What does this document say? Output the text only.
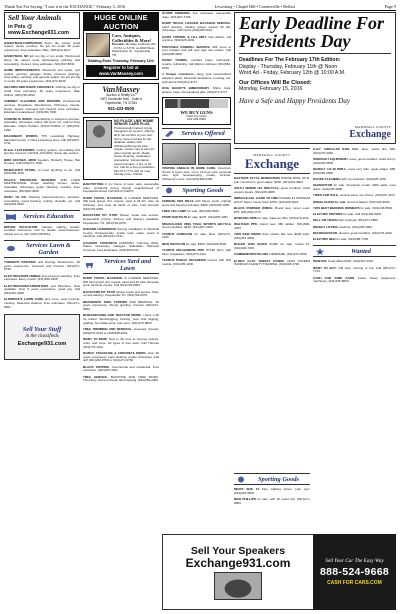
Thank You For Saying, "I saw it in the EXCHANGE," February 5, 2016	Lewisburg • Chapel Hill • Cornersville • Belfast	Page 9
Sell Your Animals
in Pets @ www.Exchange931.com
HANDYMAN-CARPENTER, floors, tile, carpet, small repairs, decks, porches. No job too small. 35 years experience. Free estimates. Mike, (931)212-9217.
HANDYMAN, NO job too big or too small. Hard-wood floors, tile, carpet, roofs, landscaping, painting, and remodeling. Insured. Free estimates. (931)637-8834.
HOME IMPROVEMENTS. Sheetrock and repair, roof repairs, porches, garages, decks, pressure washing, vinyl siding, painting, and general repairs. No job too big or small. 30 years experience. (931)273-6049.
GIFFORD BROTHERS CONCRETE. Nothing too big or small. Free estimates. 40 years experience. Dale Gifford, (931)766-0993.
CHIMNEY CLEANING AND REPAIRS. Professional services. Fireplaces, Woodstoves, Chimneys, Inserts. Gutter repairs. Licensed and Insured. Free estimates. Education Guaranteed. (931)260-7600.
CONCRETE WORK: Specializing in stamped concrete, sidewalks, driveways, patios, flat work, etc. Call for Free Estimate. Ralph Pelham (931)273-0840 or (931)703-1940.
MACHINERY WORKS. 575 Lewisburg Highway, Marshall County. 1 miles Lewisburg area. Call (931)207-2711.
M and J EXTERIORS, roofing, gutters, remodeling and fencing. Insured. Call 931-273-0000. Same day service.
BIRD HOUSES, BIRD Feeders, Butterfly House, Bat Houses. Call (931)271-7002.
MCMAHAN'S STORE, of most anything to do. Call (931)359-3726.
OGLE'S PRESSURE WASHING AND LAWN MAINTENANCE. Power washing homes, decks, sidewalks, driveways, gutter cleaning, mowing. Free estimates. (931)625-4540.
WANT TO DO. Painting (interior/exterior), windows, remodeling, wood framing, roofing, drywalls, etc. Call (931)629-6644.
Services Education
DRIVER EDUCATION. Classes starting weekly. Certified instructors. Call for details. www.champion-driving.com or call, (931)738-6514.
Services Lawn & Garden
TURNER'S PAINTING and flooring. References. 20 years experience. Licensed and Insured. (931)271-8730.
ELECTRICIAN/PLUMBER and pressure washing. Free estimates. Every month. (931)359-1985.
ELECTRICIANS/CARPENTERS and Plumbers. Now available. Over 5 years experience, great pay. Call (931)361-3000.
ELDRIDGE'S LAWN CARE and more. Leaf removal, mowing. Seasonal cleanup. Free estimates. (931)271-9601.
Sell Your Stuff
in the classifieds
Exchange931.com
HUGE ONLINE AUCTION
Cars, Antiques, Collectibles & More!
Preview: Monday, February 8th - 3 P.M. to 5 P.M. at 1600 West Washington St., Fayetteville, TN
Bidding Ends Thursday, February 11th
Register to bid at www.VanMassey.com
VanMassey
Auction & Realty Co.
1507 Huntsville Hwy - Suite A
Fayetteville, TN 37334
931-433-0500
NO PLACE LIKE HOME SENIOR CARE PLUS.
Professionally trained, loving caregivers for seniors, offering all in the comfort of your own home. Care provided for the disabled, elderly with Alzheimer/Dementia care, respite, cancer care & care for other special needs. Meals, house cleaning, medication preparation, transportation, meal reminders. 4 hrs. to 24 hrs. Call for a free consultation, 931-271-7774. Ask for Lisa, friendly price. Christa
BABYSITTING in my home, in town, safe, reasonable rates, wonderful loving friends neighborhood of Fayetteville Road. Call 931-270-9870.
DUMP TRUCK, BACKHOE & LOADER SERVICES. Will haul gravel, dirt, topsoil, sand & fill dirt. Also do driveway, and work all kinds of jobs. Call Kenneth (931)703-0063.
BACKYARD PIT STOP. Mower repair and service. Reasonable pricing. Pick-up and delivery available. Fayetteville, TN. (931)703-0076.
DURAND HARDWOOD flooring installation in Marshall County. Professionals, quality tools, water, sewer & electrical. Call (931)437-2131.
GALBERT CONCRETE COMPANY. Concrete Work, Patios, Driveways, Garages, Sidewalks, Stamped Concrete. Free Estimates. (931)300-0117.
Services Yard and Lawn
DUMP TRUCK, BACKHOE & LOADER SERVICES. Will haul gravel, dirt, topsoil, sand and fill. Also driveway work. All kinds of jobs. Call (931)703-0063.
BACKYARD PIT STOP. Mower repair and service. Pick-up and delivery. Fayetteville TN. (931)703-0076.
BRANDON'S TREE TOPPING AND REMOVAL. 30 years experience. Stump grinding. Insured. (931)271-5000.
BUSHHOGGING AND TRACTOR WORK. I have a 60 hp tractor. Bushhogging, fencing, post hole digging, grading, box blade work, and more. (931)273-8800.
TREE TRIMMING AND REMOVAL. Licensed, insured. (931)273-5210 or (256)398-9262.
WANT TO MOW. Now is the time to remove stumps, roots, and more. All types of tree work. Call Thomas (931)773-1212.
DOZER, TRACKHOE & CONCRETE WORK. Over 30 years experience. Land clearing, ponds, driveways. Call Jeff (931)232-8760 or (931)271-9760.
BLACK TOPPING. Commercial and residential. Free estimates. (931)205-4101.
TREE SERVICE. BACKHOE AND YARD WORK. Trimming, stump removal, land clearing. (931)359-2000.
STUMP GRINDING, free estimates, reasonable rates. (931)207-2766.
DUMP TRUCK, LOADER, BACKHOE SERVICE. Land clearing, hauling gravel, topsoil, fill dirt, driveways. Call Curtis (931)205-6212.
GOOD TOPSOIL & FILL DIRT. Can deliver, call anytime. (931)625-1834.
PORTABLE SAWMILL SERVICE. Will come to your location and mill your logs into lumber. Call (931)638-9600.
PIANO TUNING, certified piano technician, repairs, refinishing. Call Warren Johnson (931)684-8150.
4 Unique customers, bring your personalized adoption plans. Financial assistance, housing, etc. Call Jenna (931)212-9717.
DOG DADDY'S EMBROIDERY. Shirts, hats, jackets, bags. Personalized gifts. (931)271-3777.
WE BUY GUNS
Cash For Guns
931-433-0500
Services Offered
VISITING ANGELS IN HOME CARE. America's choice in home care. Up to 24-hour care, personal care, light housekeeping, meals, errands, Alzheimer's care. Call (931)388-4400.
Sporting Goods
CHINESE SKS RIFLE with Tapco stock, original stock and bayonet included. $380. (931)205-1050.
FREE 12G LAMP for sale. (931)359-0003.
PUMP SHOTGUN for sale. $175. (931)205-1051.
SPECIALIZED ZING TRAIL SPORTS BICYCLE Good condition. $150. (931)207-4100.
TAURUS HANDGUN for sale. New. (931)271-1103.
NEW SHOTGUN for sale. $350. (931)205-4502.
TAURUS MILLENNIUM PRO PT138 9mm with three magazines. (931)273-4411.
TAURUS PUBLIC DEFENDER Comes with 200 rounds. (931)205-1200.
Early Deadline For Presidents Day
Deadlines For The February 17th Edition:
Display - Thursday, February 11th @ Noon
Word Ad - Friday, February 12th @ 10:00 A.M.
Our Offices Will Be Closed:
Monday, February 15, 2016
Have a Safe and Happy Presidents Day
MARSHALL COUNTY
Exchange
MARSHALL COUNTY
Exchange
BAXTERS STYLE MONOGRAM HORSE BOW, 50 lb. pull. Used but in good shape. $150. (931)224-4822.
ADULT WHIMS 124 TRICYCLE, great condition. Adult coupon books. (931)225-4805.
IMMACULATE, HARD TO FIND RUGER 44 MAGNUM with 6" barrel. Never fired. $750. (931)205-3221.
BLACK POWDER WINCH. Brand new, never used. $75. (931)309-7070.
BOWLING PINS for sale, make an offer. (931)270-1111.
WALTHER PPK, brand new, 380 caliber. (931)698-3333.
TWO S&W SIGMA 9mm pistols, like new. $225 each. (931)307-4000.
RUGER 10/22 QUICK PUMP for sale, model 67. (931)403-7200.
COMMEMORATIVE DIN- NERWARE. (931)273-2009.
ELORA CLAY TARGET RANGE NOW OFFERS HANDGUN SAFETY TRAINING. (931)936-4700.
Sporting Goods
MEN'S SIZE 12 blue walking shoes. Like new. (931)246-5500.
NEW PHILLIPS for sale, with 15 round clip. (931)271-8800.
8-1/2" CIRCULAR SAW, B&D, laser, works fine. $40. (931)270-3300.
WORKOUT EQUIPMENT, used, good condition. Solid cherry. (931)225-5500.
DEWALT 1/2 IN DRILL, used very little, great shape. $85. (931)359-0505.
HOUSE CLEANING with my husband. (931)625-1200.
GENERATOR for sale. Champion model, 4000 watts, easy starts. (931)205-4600.
TIRES FOR SALE, several sizes, set of tires. (931)307-1110.
WHEELCHAIR for sale. Great condition. (931)703-4900.
TWO BEST BEDDING WOMEN'S for sale. (931)246-5500.
ELECTRIC MOTORS for sale. Call (931)403-8000.
SELL OR TRADE Dan Coleman (931)271-0800.
WEIGHT LIFTING machine. (931)205-3300.
REFRIGERATOR, almond, good condition. (931)273-4422.
ELECTRIC BED for sale. (931)698-7788.
Wanted
WANTED: Used offset DISK. (931)307-3322.
WANT TO BUY: Old cars, running or not. Call (931)271-7744.
CASH FOR JUNK CARS, trucks, heavy equipment, machinery. (931)225-8800.
Sell Your Speakers
Exchange931.com	Sell Your Car The Easy Way
888-524-9668
CASH FOR CARS.COM
